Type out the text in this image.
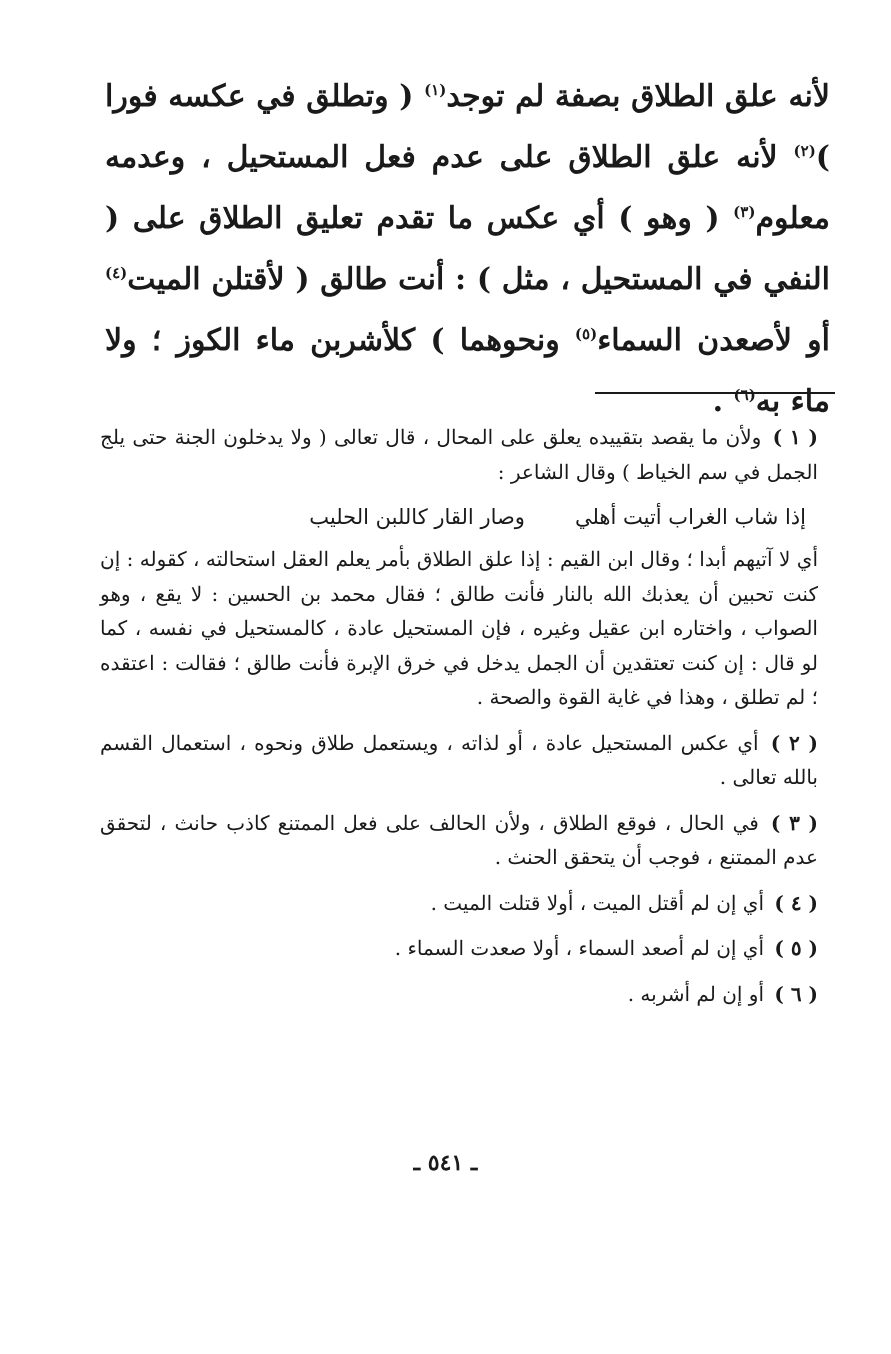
لأنه علق الطلاق بصفة لم توجد$^{(١)}$ ( وتطلق في عكسه فورا )$^{(٢)}$ لأنه علق الطلاق على عدم فعل المستحيل ، وعدمه معلوم$^{(٣)}$ ( وهو ) أي عكس ما تقدم تعليق الطلاق على ( النفي في المستحيل ، مثل ) : أنت طالق ( لأقتلن الميت$^{(٤)}$ أو لأصعدن السماء$^{(٥)}$ ونحوهما ) كلأشربن ماء الكوز ؛ ولا ماء به$^{(٦)}$ .

( ١ ) ولأن ما يقصد بتقييده يعلق على المحال ، قال تعالى ( ولا يدخلون الجنة حتى يلج الجمل في سم الخياط ) وقال الشاعر :

إذا شاب الغراب أتيت أهلي
وصار القار كاللبن الحليب

أي لا آتيهم أبدا ؛ وقال ابن القيم : إذا علق الطلاق بأمر يعلم العقل استحالته ، كقوله : إن كنت تحبين أن يعذبك الله بالنار فأنت طالق ؛ فقال محمد بن الحسين : لا يقع ، وهو الصواب ، واختاره ابن عقيل وغيره ، فإن المستحيل عادة ، كالمستحيل في نفسه ، كما لو قال : إن كنت تعتقدين أن الجمل يدخل في خرق الإبرة فأنت طالق ؛ فقالت : اعتقده ؛ لم تطلق ، وهذا في غاية القوة والصحة .

( ٢ ) أي عكس المستحيل عادة ، أو لذاته ، ويستعمل طلاق ونحوه ، استعمال القسم بالله تعالى .

( ٣ ) في الحال ، فوقع الطلاق ، ولأن الحالف على فعل الممتنع كاذب حانث ، لتحقق عدم الممتنع ، فوجب أن يتحقق الحنث .

( ٤ ) أي إن لم أقتل الميت ، أولا قتلت الميت .

( ٥ ) أي إن لم أصعد السماء ، أولا صعدت السماء .

( ٦ ) أو إن لم أشربه .

ـ ٥٤١ ـ
